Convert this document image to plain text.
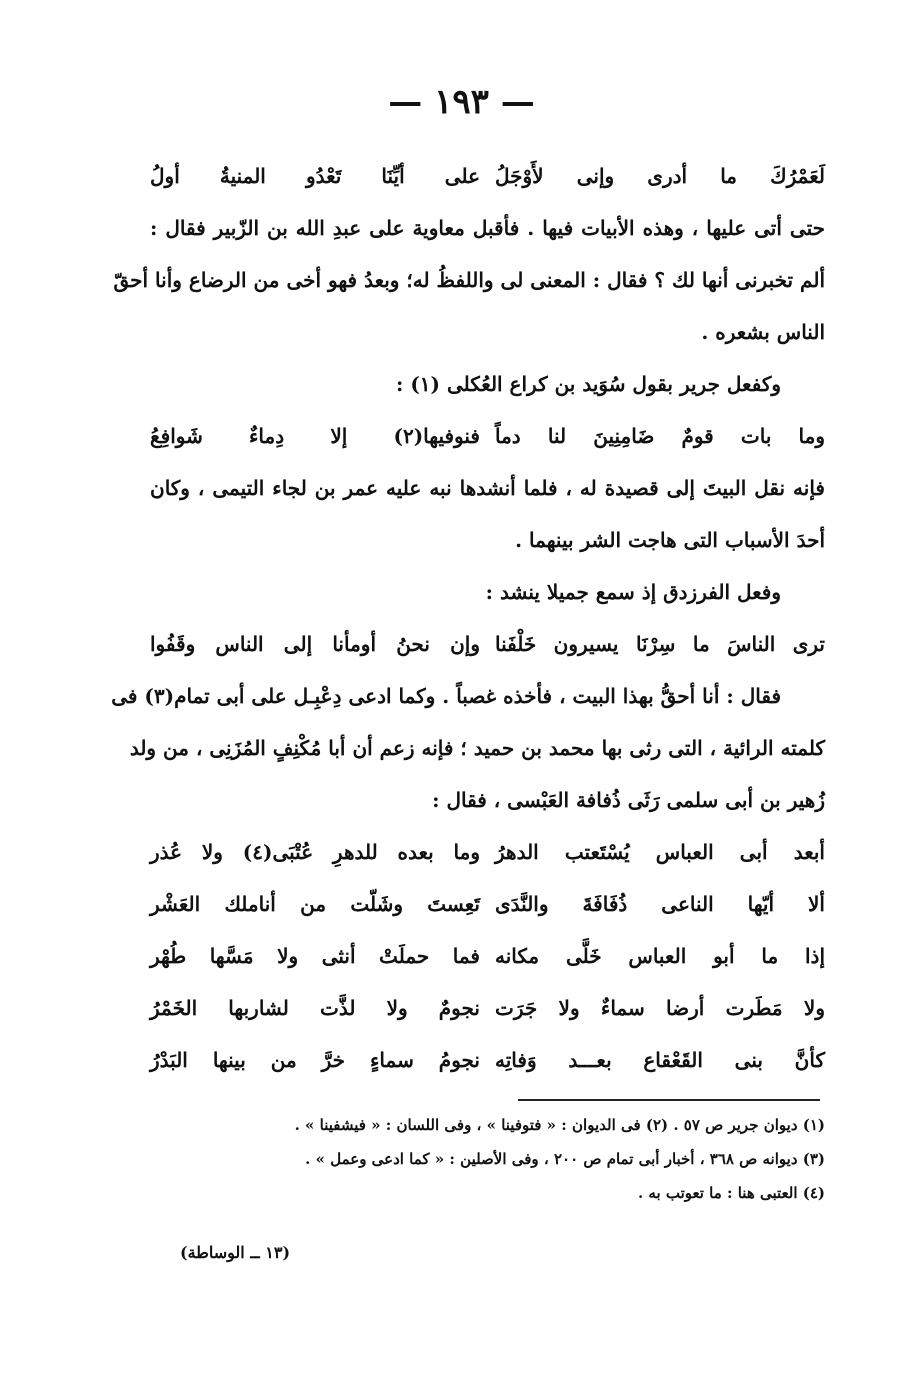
— ١٩٣ —
لَعَمْرُكَ ما أدرى وإنى لأَوْجَلُ
على أيِّنَا تَعْدُو المنيةُ أولُ
حتى أتى عليها ، وهذه الأبيات فيها . فأقبل معاوية على عبدِ الله بن الزّبير فقال :
ألم تخبرنى أنها لك ؟ فقال : المعنى لى واللفظُ له؛ وبعدُ فهو أخى من الرضاع وأنا أحقّ
الناس بشعره .
وكفعل جرير بقول سُوَيد بن كراع العُكلى (١) :
وما بات قومٌ ضَامِنِينَ لنا دماً
فنوفيها(٢) إلا دِماءٌ شَوافِعُ
فإنه نقل البيتَ إلى قصيدة له ، فلما أنشدها نبه عليه عمر بن لجاء التيمى ، وكان
أحدَ الأسباب التى هاجت الشر بينهما .
وفعل الفرزدق إذ سمع جميلا ينشد :
ترى الناسَ ما سِرْنَا يسيرون خَلْفَنا
وإن نحنُ أومأنا إلى الناس وقَفُوا
فقال : أنا أحقُّ بهذا البيت ، فأخذه غصباً . وكما ادعى دِعْبِـل على أبى تمام(٣) فى
كلمته الرائية ، التى رثى بها محمد بن حميد ؛ فإنه زعم أن أبا مُكْنِفٍ المُزَنِى ، من ولد
زُهير بن أبى سلمى رَثَى ذُفافة العَبْسى ، فقال :
أبعد أبى العباس يُسْتَعتب الدهرُ
وما بعده للدهرِ عُتْبَى(٤) ولا عُذر
ألا أيّها الناعى ذُفَافَةَ والنَّدَى
تَعِستَ وشَلّت من أناملك العَشْر
إذا ما أبو العباس خَلَّى مكانه
فما حملَتْ أنثى ولا مَسَّها طُهْر
ولا مَطَرت أرضا سماءٌ ولا جَرَت
نجومٌ ولا لذَّت لشاربها الخَمْرُ
كأنَّ بنى القَعْقاع بعـــد وَفاتِه
نجومُ سماءٍ خرَّ من بينها البَدْرُ
(١) ديوان جرير ص ٥٧ . (٢) فى الديوان : « فتوفينا » ، وفى اللسان : « فيشفينا » .
(٣) ديوانه ص ٣٦٨ ، أخبار أبى تمام ص ٢٠٠ ، وفى الأصلين : « كما ادعى وعمل » .
(٤) العتبى هنا : ما تعوتب به .
(١٣ ــ الوساطة)
